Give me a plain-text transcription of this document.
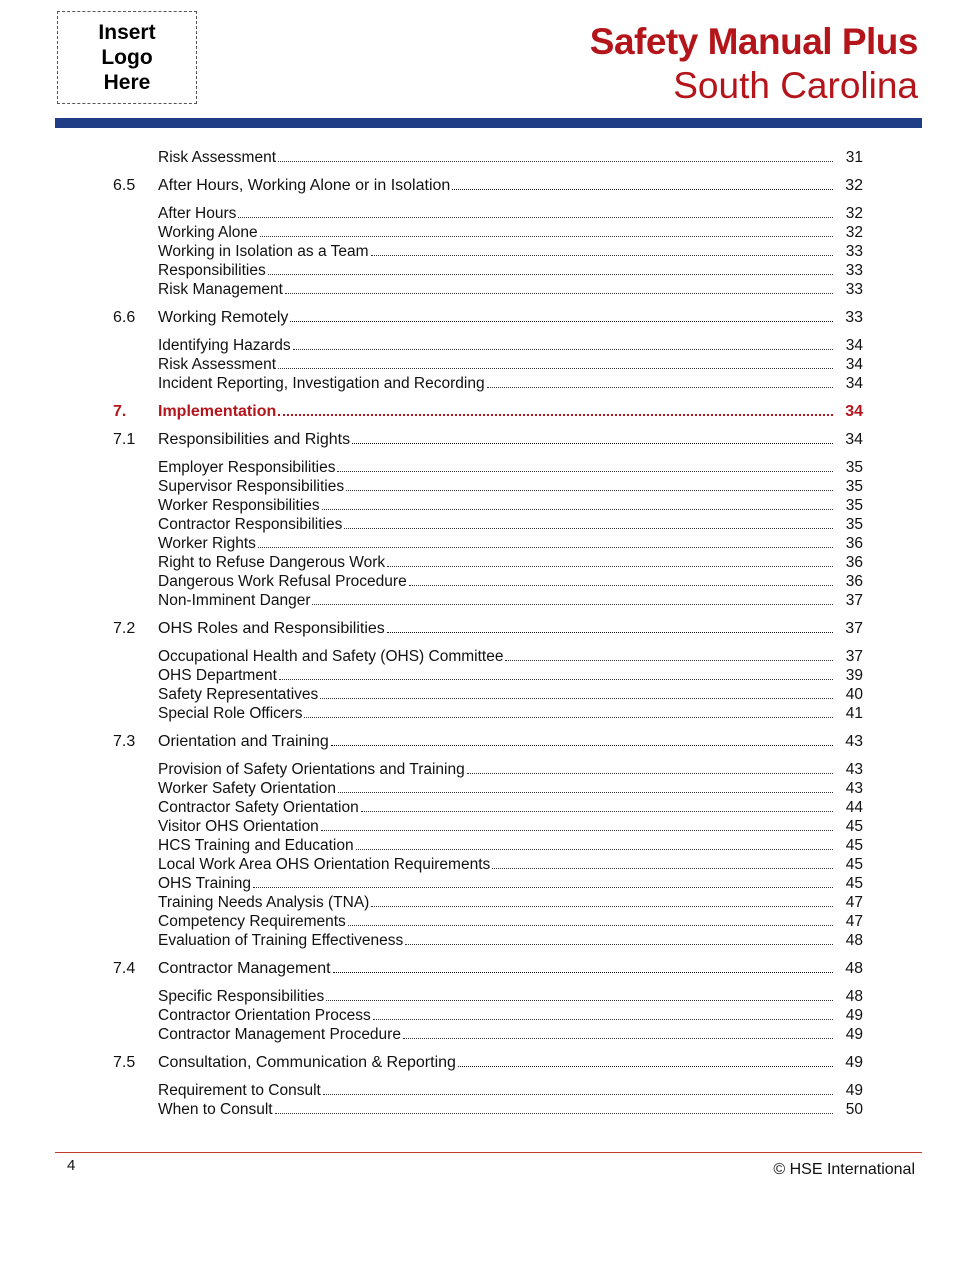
Insert
Logo
Here
Safety Manual Plus
South Carolina
Risk Assessment	31
6.5	After Hours, Working Alone or in Isolation	32
After Hours	32
Working Alone	32
Working in Isolation as a Team	33
Responsibilities	33
Risk Management	33
6.6	Working Remotely	33
Identifying Hazards	34
Risk Assessment	34
Incident Reporting, Investigation and Recording	34
7.	Implementation	34
7.1	Responsibilities and Rights	34
Employer Responsibilities	35
Supervisor Responsibilities	35
Worker Responsibilities	35
Contractor Responsibilities	35
Worker Rights	36
Right to Refuse Dangerous Work	36
Dangerous Work Refusal Procedure	36
Non-Imminent Danger	37
7.2	OHS Roles and Responsibilities	37
Occupational Health and Safety (OHS) Committee	37
OHS Department	39
Safety Representatives	40
Special Role Officers	41
7.3	Orientation and Training	43
Provision of Safety Orientations and Training	43
Worker Safety Orientation	43
Contractor Safety Orientation	44
Visitor OHS Orientation	45
HCS Training and Education	45
Local Work Area OHS Orientation Requirements	45
OHS Training	45
Training Needs Analysis (TNA)	47
Competency Requirements	47
Evaluation of Training Effectiveness	48
7.4	Contractor Management	48
Specific Responsibilities	48
Contractor Orientation Process	49
Contractor Management Procedure	49
7.5	Consultation, Communication & Reporting	49
Requirement to Consult	49
When to Consult	50
4	© HSE International
